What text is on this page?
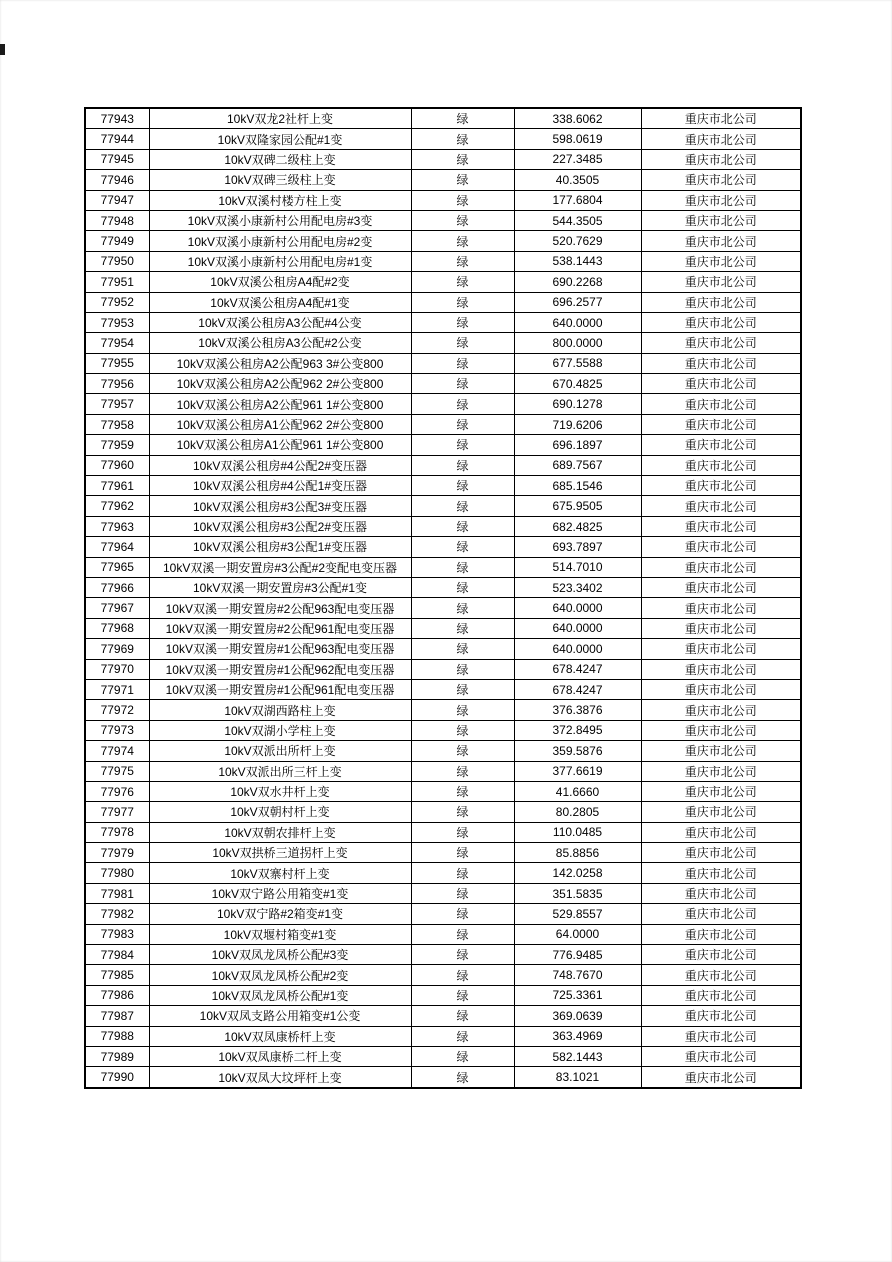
77943	10kV双龙2社杆上变	绿	338.6062	重庆市北公司

77944	10kV双隆家园公配#1变	绿	598.0619	重庆市北公司

77945	10kV双碑二级柱上变	绿	227.3485	重庆市北公司

77946	10kV双碑三级柱上变	绿	40.3505	重庆市北公司

77947	10kV双溪村楼方柱上变	绿	177.6804	重庆市北公司

77948	10kV双溪小康新村公用配电房#3变	绿	544.3505	重庆市北公司

77949	10kV双溪小康新村公用配电房#2变	绿	520.7629	重庆市北公司

77950	10kV双溪小康新村公用配电房#1变	绿	538.1443	重庆市北公司

77951	10kV双溪公租房A4配#2变	绿	690.2268	重庆市北公司

77952	10kV双溪公租房A4配#1变	绿	696.2577	重庆市北公司

77953	10kV双溪公租房A3公配#4公变	绿	640.0000	重庆市北公司

77954	10kV双溪公租房A3公配#2公变	绿	800.0000	重庆市北公司

77955	10kV双溪公租房A2公配963 3#公变800	绿	677.5588	重庆市北公司

77956	10kV双溪公租房A2公配962 2#公变800	绿	670.4825	重庆市北公司

77957	10kV双溪公租房A2公配961 1#公变800	绿	690.1278	重庆市北公司

77958	10kV双溪公租房A1公配962 2#公变800	绿	719.6206	重庆市北公司

77959	10kV双溪公租房A1公配961 1#公变800	绿	696.1897	重庆市北公司

77960	10kV双溪公租房#4公配2#变压器	绿	689.7567	重庆市北公司

77961	10kV双溪公租房#4公配1#变压器	绿	685.1546	重庆市北公司

77962	10kV双溪公租房#3公配3#变压器	绿	675.9505	重庆市北公司

77963	10kV双溪公租房#3公配2#变压器	绿	682.4825	重庆市北公司

77964	10kV双溪公租房#3公配1#变压器	绿	693.7897	重庆市北公司

77965	10kV双溪一期安置房#3公配#2变配电变压器	绿	514.7010	重庆市北公司

77966	10kV双溪一期安置房#3公配#1变	绿	523.3402	重庆市北公司

77967	10kV双溪一期安置房#2公配963配电变压器	绿	640.0000	重庆市北公司

77968	10kV双溪一期安置房#2公配961配电变压器	绿	640.0000	重庆市北公司

77969	10kV双溪一期安置房#1公配963配电变压器	绿	640.0000	重庆市北公司

77970	10kV双溪一期安置房#1公配962配电变压器	绿	678.4247	重庆市北公司

77971	10kV双溪一期安置房#1公配961配电变压器	绿	678.4247	重庆市北公司

77972	10kV双湖西路柱上变	绿	376.3876	重庆市北公司

77973	10kV双湖小学柱上变	绿	372.8495	重庆市北公司

77974	10kV双派出所杆上变	绿	359.5876	重庆市北公司

77975	10kV双派出所三杆上变	绿	377.6619	重庆市北公司

77976	10kV双水井杆上变	绿	41.6660	重庆市北公司

77977	10kV双朝村杆上变	绿	80.2805	重庆市北公司

77978	10kV双朝农排杆上变	绿	110.0485	重庆市北公司

77979	10kV双拱桥三道拐杆上变	绿	85.8856	重庆市北公司

77980	10kV双寨村杆上变	绿	142.0258	重庆市北公司

77981	10kV双宁路公用箱变#1变	绿	351.5835	重庆市北公司

77982	10kV双宁路#2箱变#1变	绿	529.8557	重庆市北公司

77983	10kV双堰村箱变#1变	绿	64.0000	重庆市北公司

77984	10kV双凤龙凤桥公配#3变	绿	776.9485	重庆市北公司

77985	10kV双凤龙凤桥公配#2变	绿	748.7670	重庆市北公司

77986	10kV双凤龙凤桥公配#1变	绿	725.3361	重庆市北公司

77987	10kV双凤支路公用箱变#1公变	绿	369.0639	重庆市北公司

77988	10kV双凤康桥杆上变	绿	363.4969	重庆市北公司

77989	10kV双凤康桥二杆上变	绿	582.1443	重庆市北公司

77990	10kV双凤大坟坪杆上变	绿	83.1021	重庆市北公司
